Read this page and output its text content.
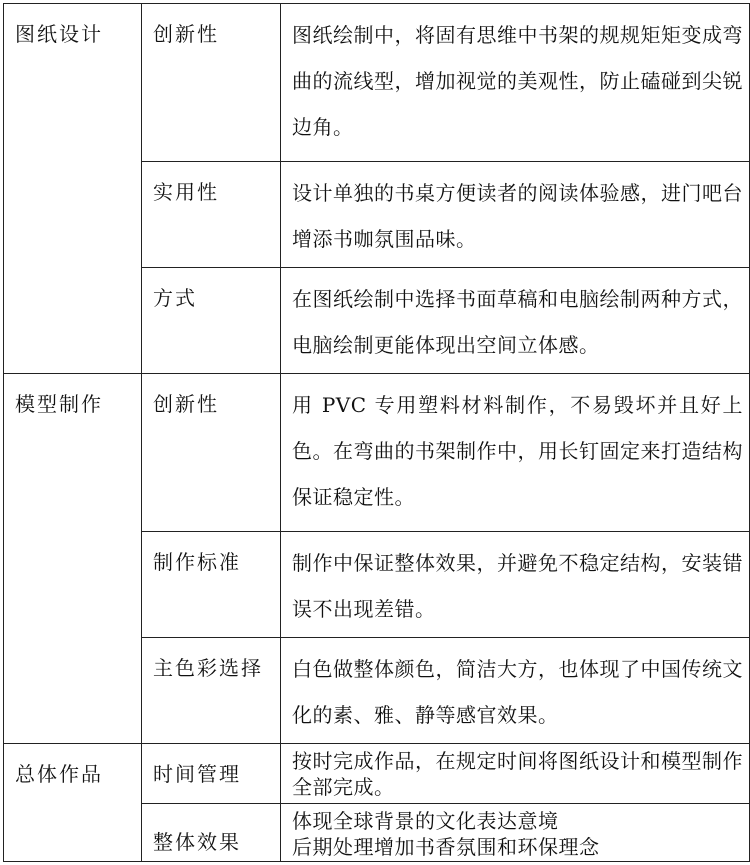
图纸设计	创新性	图纸绘制中，将固有思维中书架的规规矩矩变成弯曲的流线型，增加视觉的美观性，防止磕碰到尖锐边角。

	实用性	设计单独的书桌方便读者的阅读体验感，进门吧台增添书咖氛围品味。

	方式	在图纸绘制中选择书面草稿和电脑绘制两种方式，电脑绘制更能体现出空间立体感。

模型制作	创新性	用 PVC 专用塑料材料制作，不易毁坏并且好上色。在弯曲的书架制作中，用长钉固定来打造结构保证稳定性。

	制作标准	制作中保证整体效果，并避免不稳定结构，安装错误不出现差错。

	主色彩选择	白色做整体颜色，简洁大方，也体现了中国传统文化的素、雅、静等感官效果。

总体作品	时间管理	按时完成作品，在规定时间将图纸设计和模型制作全部完成。

	整体效果	体现全球背景的文化表达意境
后期处理增加书香氛围和环保理念
